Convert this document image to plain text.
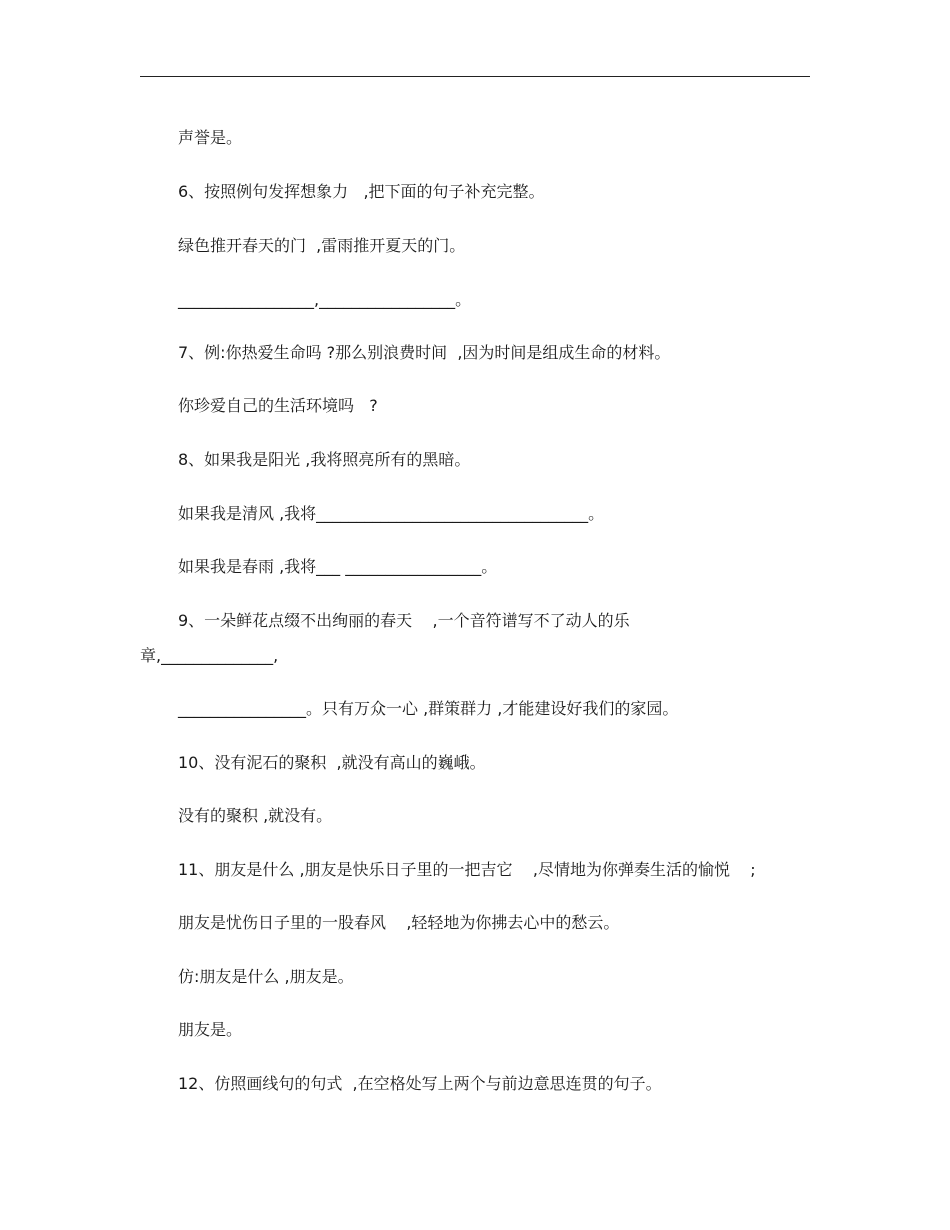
声誉是。
6、按照例句发挥想象力   ,把下面的句子补充完整。
绿色推开春天的门  ,雷雨推开夏天的门。
_________________,_________________。
7、例:你热爱生命吗 ?那么别浪费时间  ,因为时间是组成生命的材料。
你珍爱自己的生活环境吗   ?
8、如果我是阳光 ,我将照亮所有的黑暗。
如果我是清风 ,我将__________________________________。
如果我是春雨 ,我将___ _________________。
9、一朵鲜花点缀不出绚丽的春天    ,一个音符谱写不了动人的乐
章,______________,
________________。只有万众一心 ,群策群力 ,才能建设好我们的家园。
10、没有泥石的聚积  ,就没有高山的巍峨。
没有的聚积 ,就没有。
11、朋友是什么 ,朋友是快乐日子里的一把吉它    ,尽情地为你弹奏生活的愉悦    ;
朋友是忧伤日子里的一股春风    ,轻轻地为你拂去心中的愁云。
仿:朋友是什么 ,朋友是。
朋友是。
12、仿照画线句的句式  ,在空格处写上两个与前边意思连贯的句子。
